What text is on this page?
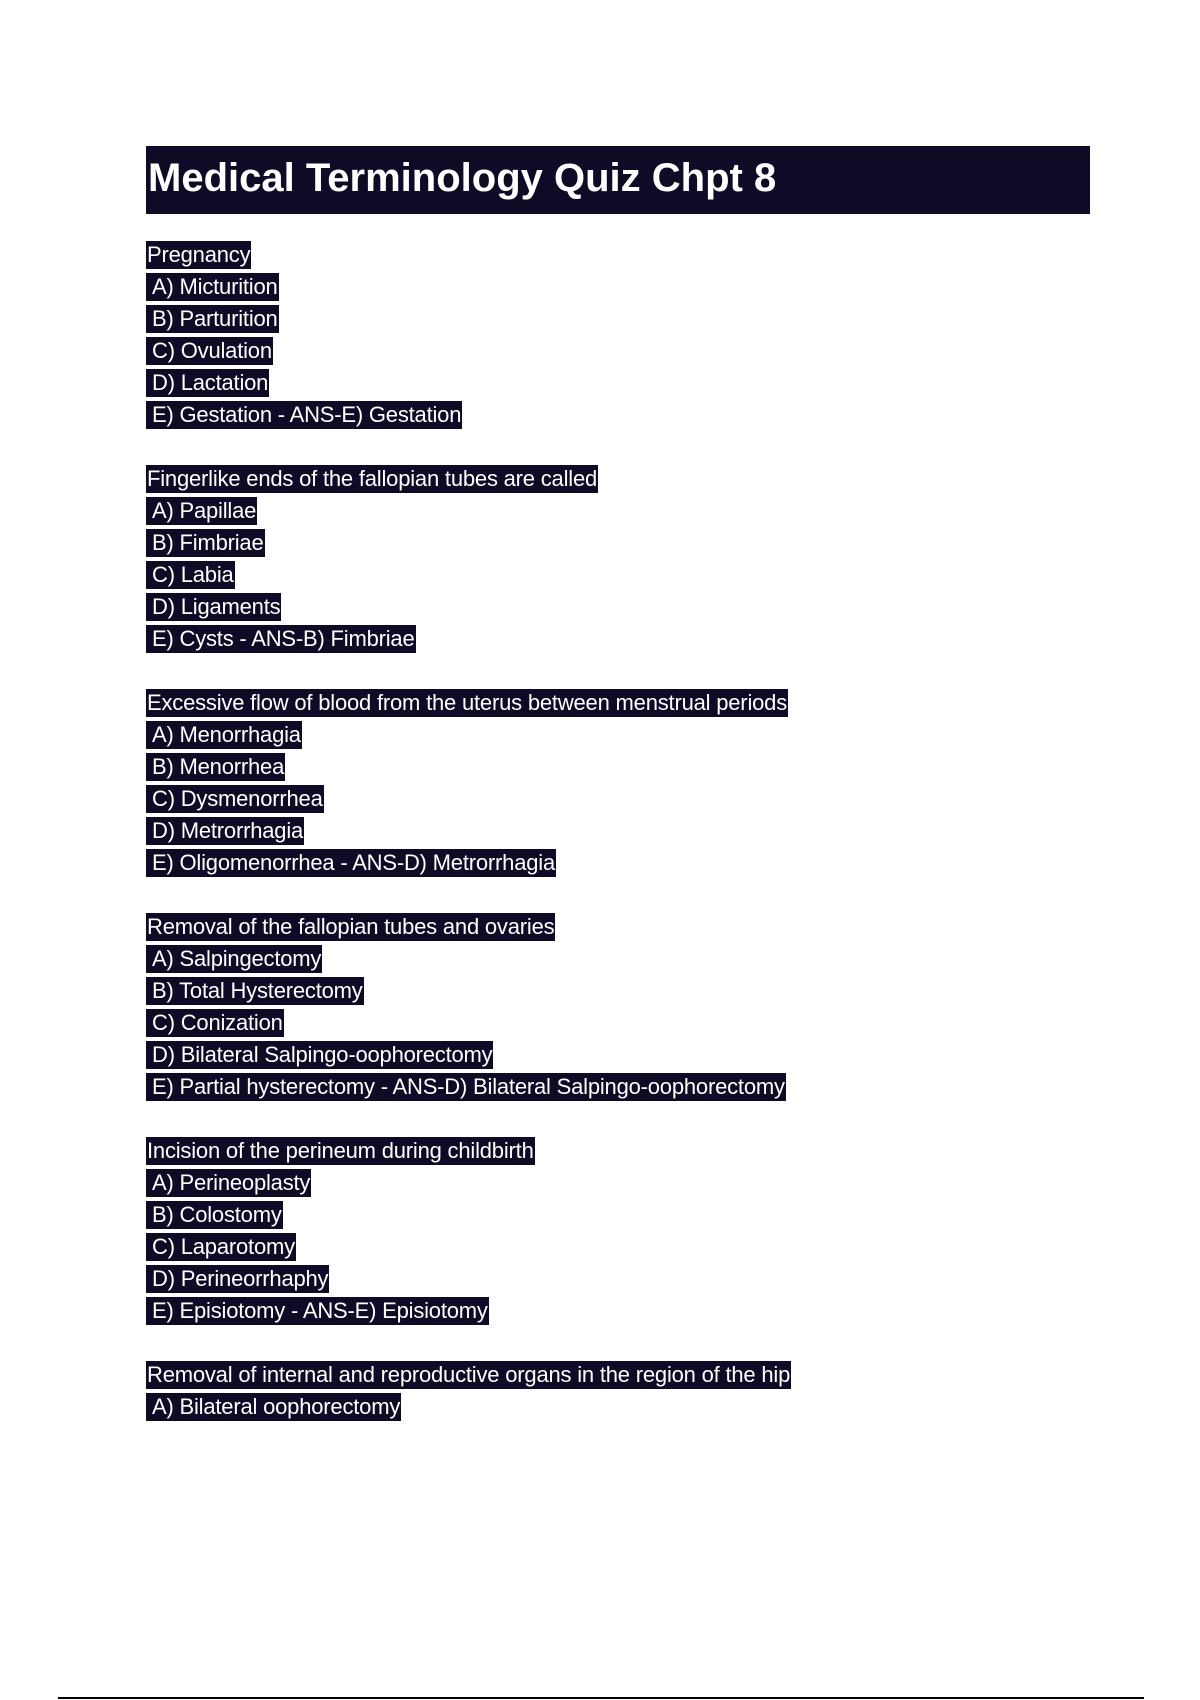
Medical Terminology Quiz Chpt 8
Pregnancy
A) Micturition
B) Parturition
C) Ovulation
D) Lactation
E) Gestation - ANS-E) Gestation
Fingerlike ends of the fallopian tubes are called
A) Papillae
B) Fimbriae
C) Labia
D) Ligaments
E) Cysts - ANS-B) Fimbriae
Excessive flow of blood from the uterus between menstrual periods
A) Menorrhagia
B) Menorrhea
C) Dysmenorrhea
D) Metrorrhagia
E) Oligomenorrhea - ANS-D) Metrorrhagia
Removal of the fallopian tubes and ovaries
A) Salpingectomy
B) Total Hysterectomy
C) Conization
D) Bilateral Salpingo-oophorectomy
E) Partial hysterectomy - ANS-D) Bilateral Salpingo-oophorectomy
Incision of the perineum during childbirth
A) Perineoplasty
B) Colostomy
C) Laparotomy
D) Perineorrhaphy
E) Episiotomy - ANS-E) Episiotomy
Removal of internal and reproductive organs in the region of the hip
A) Bilateral oophorectomy
